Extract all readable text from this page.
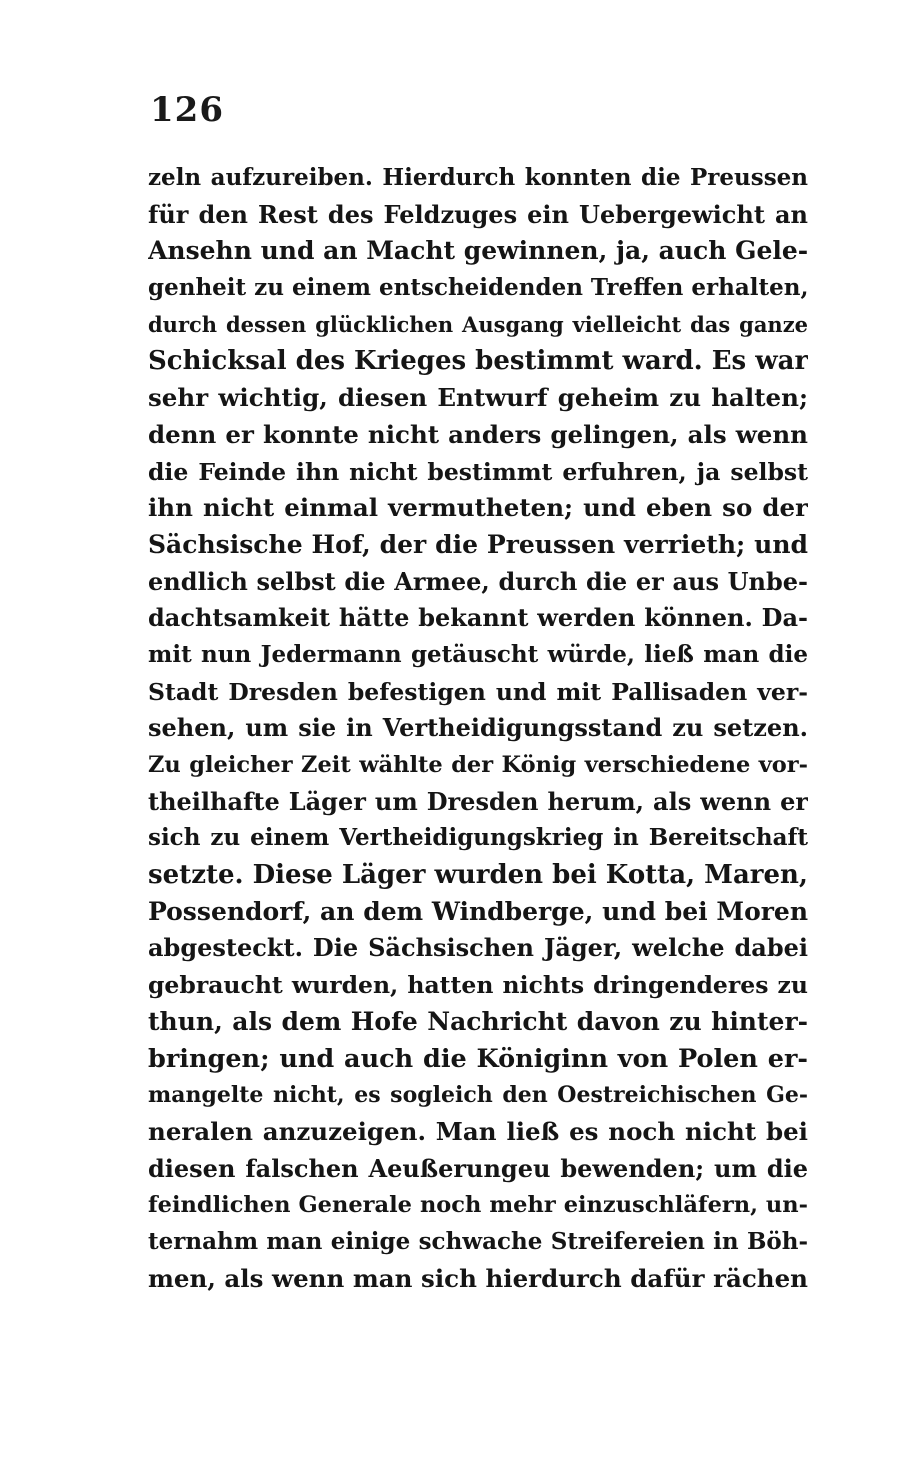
126
zeln aufzureiben. Hierdurch konnten die Preussen
für den Rest des Feldzuges ein Uebergewicht an
Ansehn und an Macht gewinnen, ja, auch Gele-
genheit zu einem entscheidenden Treffen erhalten,
durch dessen glücklichen Ausgang vielleicht das ganze
Schicksal des Krieges bestimmt ward. Es war
sehr wichtig, diesen Entwurf geheim zu halten;
denn er konnte nicht anders gelingen, als wenn
die Feinde ihn nicht bestimmt erfuhren, ja selbst
ihn nicht einmal vermutheten; und eben so der
Sächsische Hof, der die Preussen verrieth; und
endlich selbst die Armee, durch die er aus Unbe-
dachtsamkeit hätte bekannt werden können. Da-
mit nun Jedermann getäuscht würde, ließ man die
Stadt Dresden befestigen und mit Pallisaden ver-
sehen, um sie in Vertheidigungsstand zu setzen.
Zu gleicher Zeit wählte der König verschiedene vor-
theilhafte Läger um Dresden herum, als wenn er
sich zu einem Vertheidigungskrieg in Bereitschaft
setzte. Diese Läger wurden bei Kotta, Maren,
Possendorf, an dem Windberge, und bei Moren
abgesteckt. Die Sächsischen Jäger, welche dabei
gebraucht wurden, hatten nichts dringenderes zu
thun, als dem Hofe Nachricht davon zu hinter-
bringen; und auch die Königinn von Polen er-
mangelte nicht, es sogleich den Oestreichischen Ge-
neralen anzuzeigen. Man ließ es noch nicht bei
diesen falschen Aeußerungeu bewenden; um die
feindlichen Generale noch mehr einzuschläfern, un-
ternahm man einige schwache Streifereien in Böh-
men, als wenn man sich hierdurch dafür rächen
